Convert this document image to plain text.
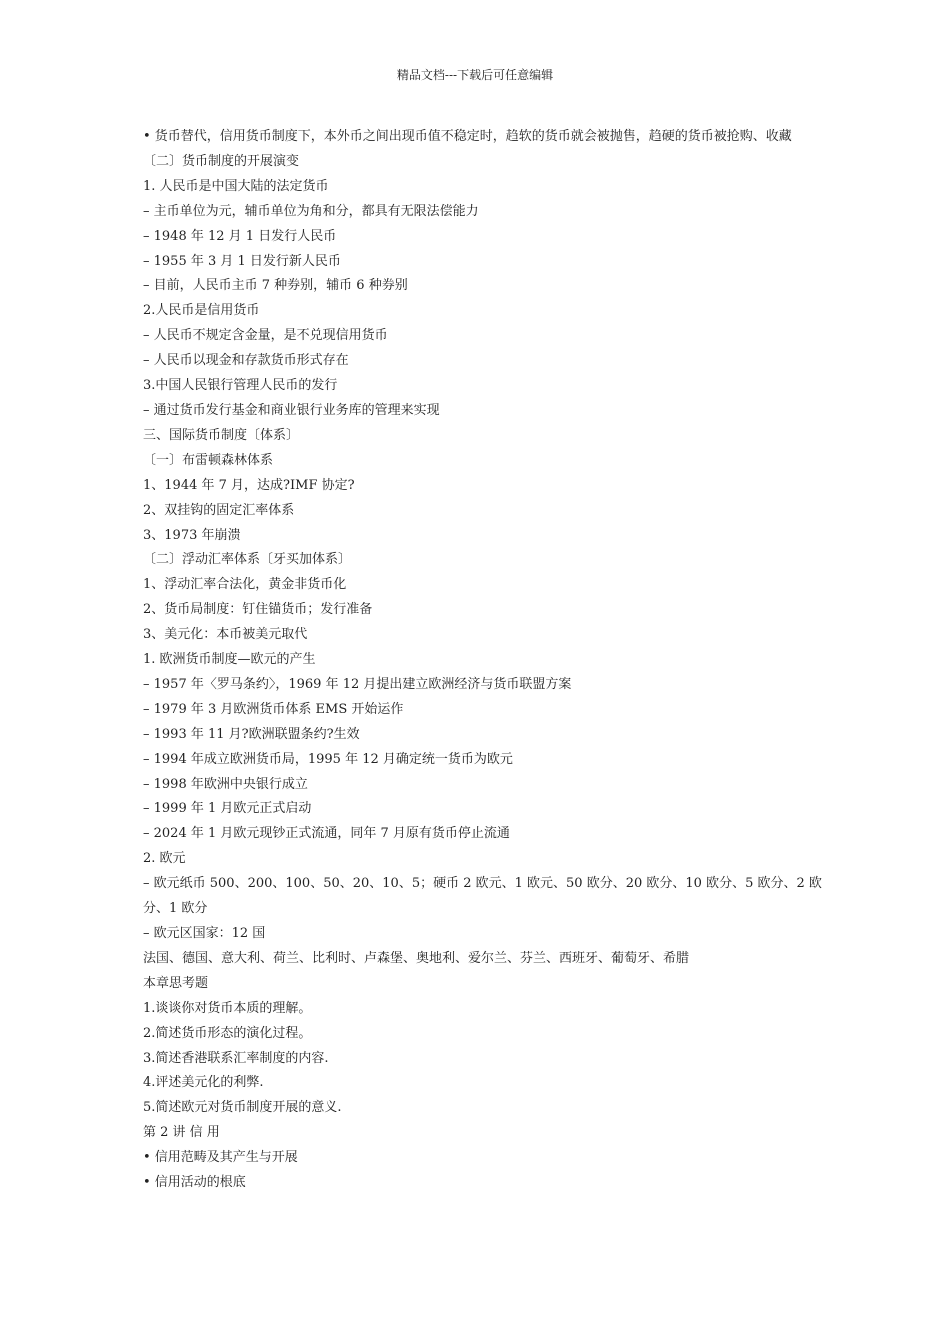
精品文档---下载后可任意编辑
• 货币替代，信用货币制度下，本外币之间出现币值不稳定时，趋软的货币就会被抛售，趋硬的货币被抢购、收藏
〔二〕货币制度的开展演变
1. 人民币是中国大陆的法定货币
– 主币单位为元，辅币单位为角和分，都具有无限法偿能力
– 1948 年 12 月 1 日发行人民币
– 1955 年 3 月 1 日发行新人民币
– 目前，人民币主币 7 种券别，辅币 6 种券别
2.人民币是信用货币
– 人民币不规定含金量，是不兑现信用货币
– 人民币以现金和存款货币形式存在
3.中国人民银行管理人民币的发行
– 通过货币发行基金和商业银行业务库的管理来实现
三、国际货币制度〔体系〕
〔一〕布雷顿森林体系
1、1944 年 7 月，达成?IMF 协定?
2、双挂钩的固定汇率体系
3、1973 年崩溃
〔二〕浮动汇率体系〔牙买加体系〕
1、浮动汇率合法化，黄金非货币化
2、货币局制度：钉住锚货币；发行准备
3、美元化：本币被美元取代
1. 欧洲货币制度—欧元的产生
– 1957 年〈罗马条约〉，1969 年 12 月提出建立欧洲经济与货币联盟方案
– 1979 年 3 月欧洲货币体系 EMS 开始运作
– 1993 年 11 月?欧洲联盟条约?生效
– 1994 年成立欧洲货币局，1995 年 12 月确定统一货币为欧元
– 1998 年欧洲中央银行成立
– 1999 年 1 月欧元正式启动
– 2024 年 1 月欧元现钞正式流通，同年 7 月原有货币停止流通
2. 欧元
– 欧元纸币 500、200、100、50、20、10、5；硬币 2 欧元、1 欧元、50 欧分、20 欧分、10 欧分、5 欧分、2 欧分、1 欧分
– 欧元区国家：12 国
法国、德国、意大利、荷兰、比利时、卢森堡、奥地利、爱尔兰、芬兰、西班牙、葡萄牙、希腊
本章思考题
1.谈谈你对货币本质的理解。
2.简述货币形态的演化过程。
3.简述香港联系汇率制度的内容.
4.评述美元化的利弊.
5.简述欧元对货币制度开展的意义.
第 2 讲 信 用
• 信用范畴及其产生与开展
• 信用活动的根底
